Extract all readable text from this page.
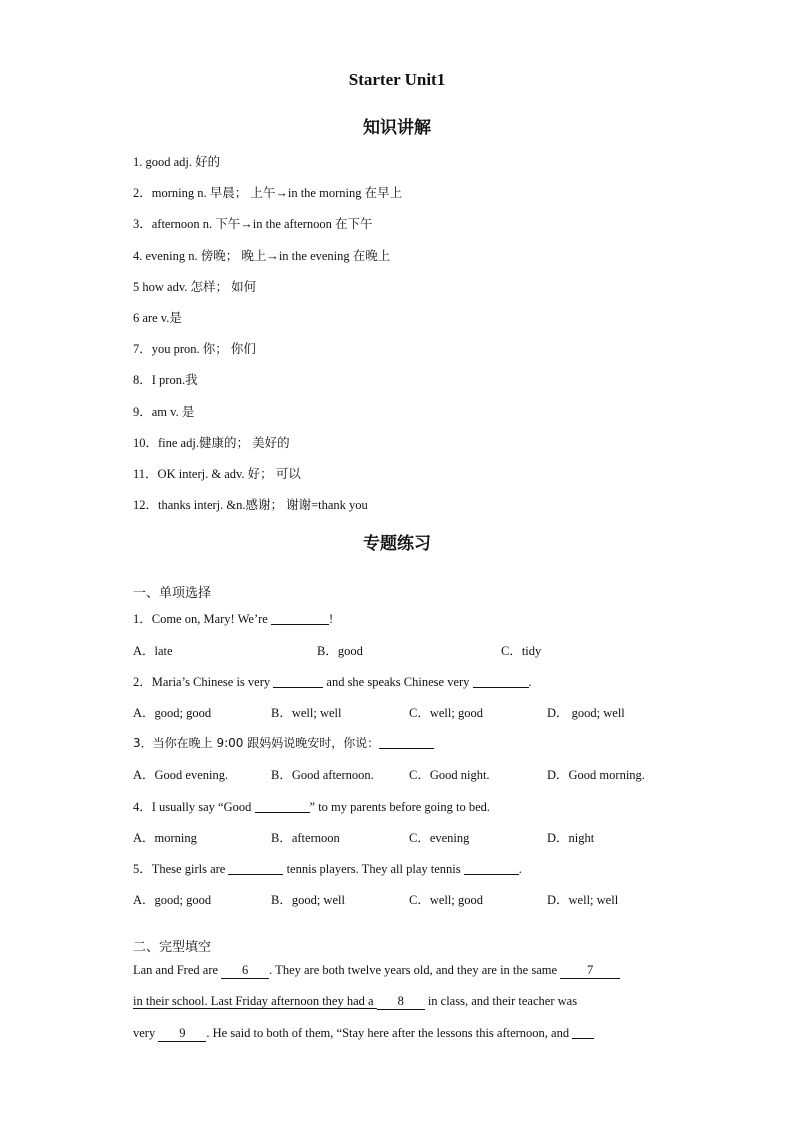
Starter Unit1
知识讲解
1. good adj. 好的
2．morning n. 早晨； 上午→in the morning 在早上
3．afternoon n. 下午→in the afternoon 在下午
4. evening n. 傍晚； 晚上→in the evening 在晚上
5 how adv. 怎样； 如何
6 are v.是
7．you pron. 你； 你们
8．I pron.我
9．am v. 是
10．fine adj.健康的； 美好的
11．OK interj. & adv. 好； 可以
12．thanks interj. &n.感谢； 谢谢=thank you
专题练习
一、单项选择
1．Come on, Mary! We’re	!
A．late	B．good	C．tidy
2．Maria’s Chinese is very	and she speaks Chinese very	.
A．good; good	B．well; well	C．well; good	D． good; well
3．当你在晚上 9:00 跟妈妈说晚安时，你说：
A．Good evening.	B．Good afternoon.	C．Good night.	D．Good morning.
4．I usually say “Good	” to my parents before going to bed.
A．morning	B．afternoon	C．evening	D．night
5．These girls are	tennis players. They all play tennis	.
A．good; good	B．good; well	C．well; good	D．well; well
二、完型填空
Lan and Fred are 6 . They are both twelve years old, and they are in the same 7
in their school. Last Friday afternoon they had a 8 in class, and their teacher was
very 9 . He said to both of them, “Stay here after the lessons this afternoon, and
